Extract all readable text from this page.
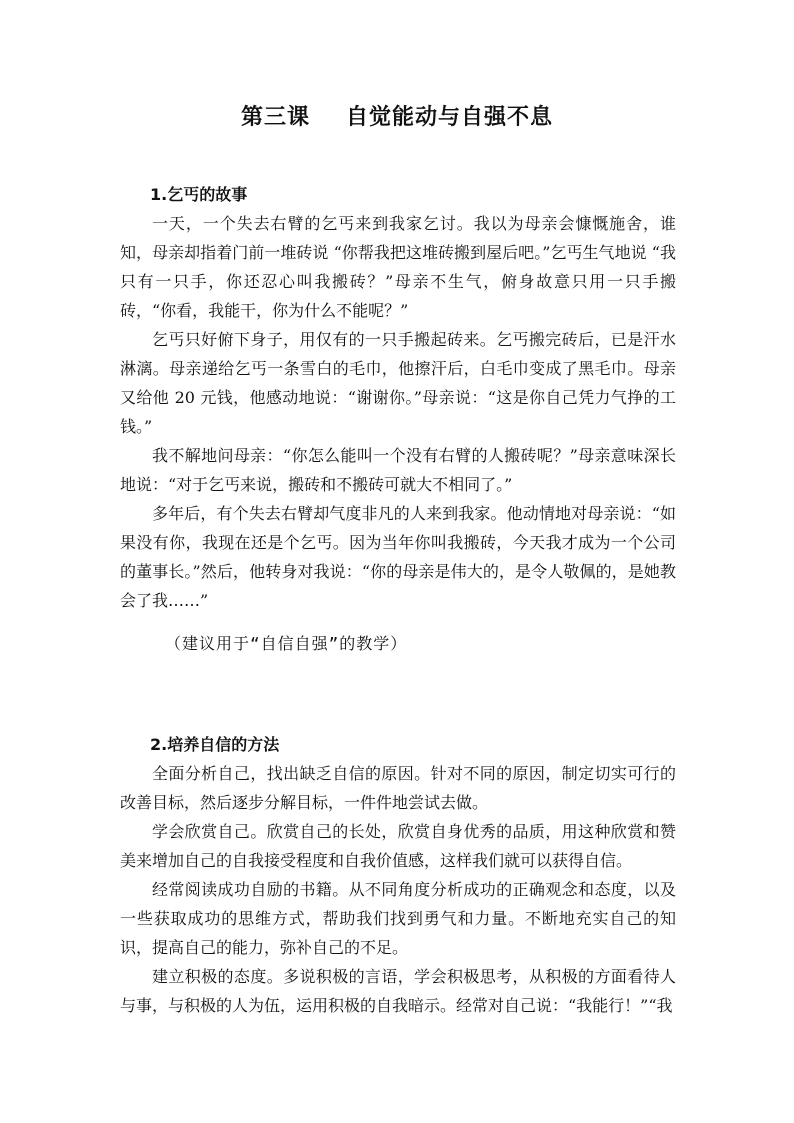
第三课 自觉能动与自强不息
1.乞丐的故事

一天，一个失去右臂的乞丐来到我家乞讨。我以为母亲会慷慨施舍，谁知，母亲却指着门前一堆砖说 “你帮我把这堆砖搬到屋后吧。”乞丐生气地说 “我只有一只手，你还忍心叫我搬砖？”母亲不生气，俯身故意只用一只手搬砖，“你看，我能干，你为什么不能呢？”

乞丐只好俯下身子，用仅有的一只手搬起砖来。乞丐搬完砖后，已是汗水淋漓。母亲递给乞丐一条雪白的毛巾，他擦汗后，白毛巾变成了黑毛巾。母亲又给他 20 元钱，他感动地说：“谢谢你。”母亲说：“这是你自己凭力气挣的工钱。”

我不解地问母亲：“你怎么能叫一个没有右臂的人搬砖呢？”母亲意味深长地说：“对于乞丐来说，搬砖和不搬砖可就大不相同了。”

多年后，有个失去右臂却气度非凡的人来到我家。他动情地对母亲说：“如果没有你，我现在还是个乞丐。因为当年你叫我搬砖，今天我才成为一个公司的董事长。”然后，他转身对我说：“你的母亲是伟大的，是令人敬佩的，是她教会了我……”

（建议用于“自信自强”的教学）
2.培养自信的方法

全面分析自己，找出缺乏自信的原因。针对不同的原因，制定切实可行的改善目标，然后逐步分解目标，一件件地尝试去做。

学会欣赏自己。欣赏自己的长处，欣赏自身优秀的品质，用这种欣赏和赞美来增加自己的自我接受程度和自我价值感，这样我们就可以获得自信。

经常阅读成功自励的书籍。从不同角度分析成功的正确观念和态度，以及一些获取成功的思维方式，帮助我们找到勇气和力量。不断地充实自己的知识，提高自己的能力，弥补自己的不足。

建立积极的态度。多说积极的言语，学会积极思考，从积极的方面看待人与事，与积极的人为伍，运用积极的自我暗示。经常对自己说：“我能行！”“我
